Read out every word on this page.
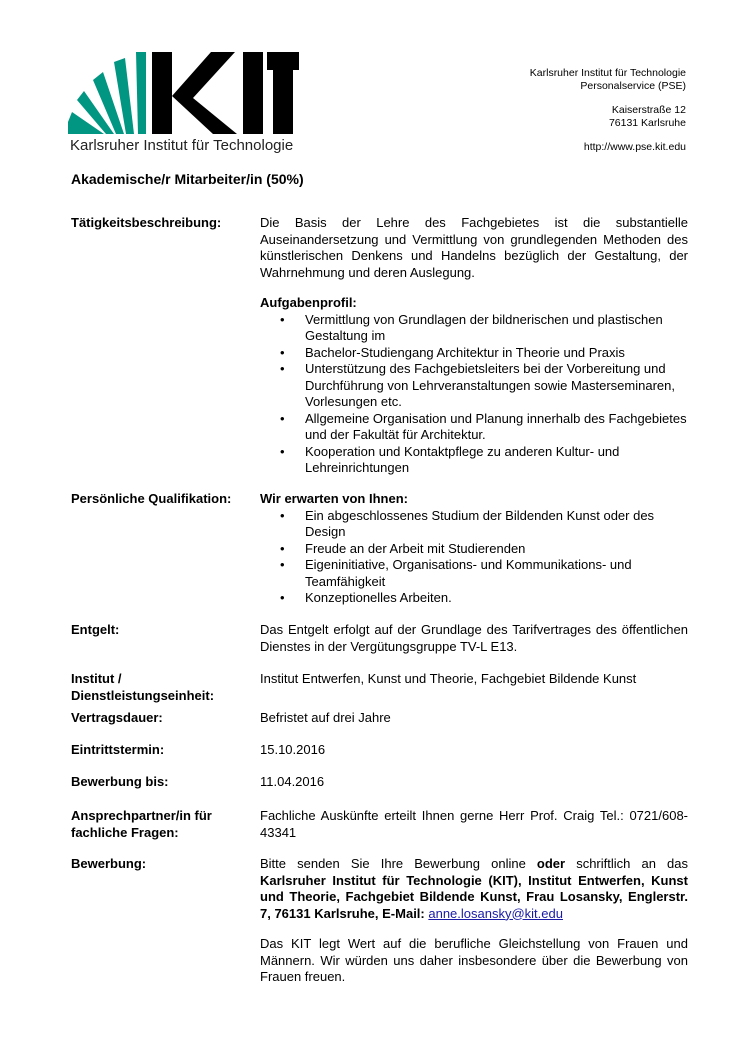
Karlsruher Institut für Technologie
Karlsruher Institut für Technologie
Personalservice (PSE)
Kaiserstraße 12
76131 Karlsruhe
http://www.pse.kit.edu
Akademische/r Mitarbeiter/in (50%)
Tätigkeitsbeschreibung:	Die Basis der Lehre des Fachgebietes ist die substantielle Auseinandersetzung und Vermittlung von grundlegenden Methoden des künstlerischen Denkens und Handelns bezüglich der Gestaltung, der Wahrnehmung und deren Auslegung.

Aufgabenprofil:

• Vermittlung von Grundlagen der bildnerischen und plastischen Gestaltung im
• Bachelor-Studiengang Architektur in Theorie und Praxis
• Unterstützung des Fachgebietsleiters bei der Vorbereitung und Durchführung von Lehrveranstaltungen sowie Masterseminaren, Vorlesungen etc.
• Allgemeine Organisation und Planung innerhalb des Fachgebietes und der Fakultät für Architektur.
• Kooperation und Kontaktpflege zu anderen Kultur- und Lehreinrichtungen
Persönliche Qualifikation: Wir erwarten von Ihnen:

• Ein abgeschlossenes Studium der Bildenden Kunst oder des Design
• Freude an der Arbeit mit Studierenden
• Eigeninitiative, Organisations- und Kommunikations- und Teamfähigkeit
• Konzeptionelles Arbeiten.
Entgelt:	Das Entgelt erfolgt auf der Grundlage des Tarifvertrages des öffentlichen Dienstes in der Vergütungsgruppe TV-L E13.
Institut /
Dienstleistungseinheit:
Institut Entwerfen, Kunst und Theorie, Fachgebiet Bildende Kunst
Vertragsdauer:	Befristet auf drei Jahre
Eintrittstermin:	15.10.2016
Bewerbung bis:	11.04.2016
Ansprechpartner/in für
fachliche Fragen:
Fachliche Auskünfte erteilt Ihnen gerne Herr Prof. Craig Tel.: 0721/608-43341
Bewerbung:	Bitte senden Sie Ihre Bewerbung online oder schriftlich an das Karlsruher Institut für Technologie (KIT), Institut Entwerfen, Kunst und Theorie, Fachgebiet Bildende Kunst, Frau Losansky, Englerstr. 7, 76131 Karlsruhe, E-Mail: anne.losansky@kit.edu

Das KIT legt Wert auf die berufliche Gleichstellung von Frauen und Männern. Wir würden uns daher insbesondere über die Bewerbung von Frauen freuen.
